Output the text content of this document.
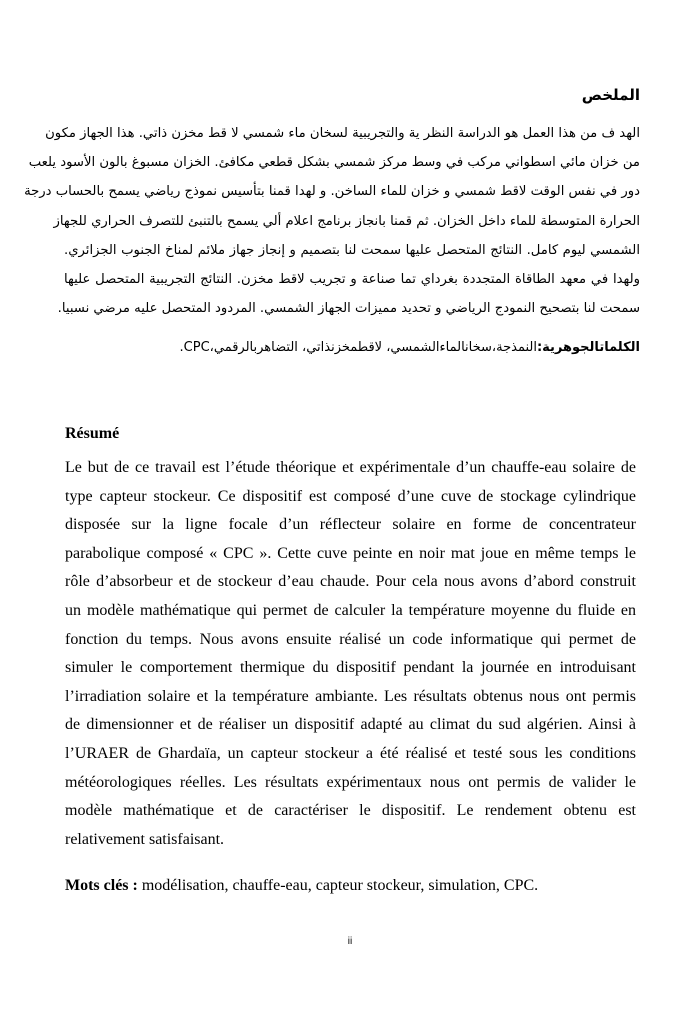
الملخص
الهد ف من هذا العمل هو الدراسة النظر ية والتجريبية لسخان ماء شمسي لا قط مخزن ذاتي. هذا الجهاز مكون
من خزان مائي اسطواني مركب في وسط مركز شمسي بشكل قطعي مكافئ. الخزان مسبوغ بالون الأسود يلعب
دور في نفس الوقت لاقط شمسي و خزان للماء الساخن. و لهدا قمنا بتأسيس نموذج رياضي يسمح بالحساب درجة
الحرارة المتوسطة للماء داخل الخزان. ثم قمنا بانجاز برنامج اعلام ألي يسمح بالتنبئ للتصرف الحراري للجهاز
الشمسي ليوم كامل. النتائج المتحصل عليها سمحت لنا بتصميم و إنجاز جهاز ملائم لمناخ الجنوب الجزائري.
ولهدا في معهد الطاقاة المتجددة بغرداي تما صناعة و تجريب لاقط مخزن. النتائج التجريبية المتحصل عليها
سمحت لنا بتصحيح النمودج الرياضي و تحديد مميزات الجهاز الشمسي. المردود المتحصل عليه مرضي نسبيا.

الكلماتالجوهرية:النمذجة،سخانالماءالشمسي، لاقطمخزنذاتي، التضاهربالرقمي،CPC.

Résumé
Le but de ce travail est l’étude théorique et expérimentale d’un chauffe-eau solaire de
type capteur stockeur. Ce dispositif est composé d’une cuve de stockage cylindrique
disposée sur la ligne focale d’un réflecteur solaire en forme de concentrateur
parabolique composé « CPC ». Cette cuve peinte en noir mat joue en même temps le
rôle d’absorbeur et de stockeur d’eau chaude. Pour cela nous avons d’abord construit
un modèle mathématique qui permet de calculer la température moyenne du fluide en
fonction du temps. Nous avons ensuite réalisé un code informatique qui permet de
simuler le comportement thermique du dispositif pendant la journée en introduisant
l’irradiation solaire et la température ambiante. Les résultats obtenus nous ont permis
de dimensionner et de réaliser un dispositif adapté au climat du sud algérien. Ainsi à
l’URAER de Ghardaïa, un capteur stockeur a été réalisé et testé sous les conditions
météorologiques réelles. Les résultats expérimentaux nous ont permis de valider le
modèle mathématique et de caractériser le dispositif. Le rendement obtenu est
relativement satisfaisant.

Mots clés : modélisation, chauffe-eau, capteur stockeur, simulation, CPC.

ii
